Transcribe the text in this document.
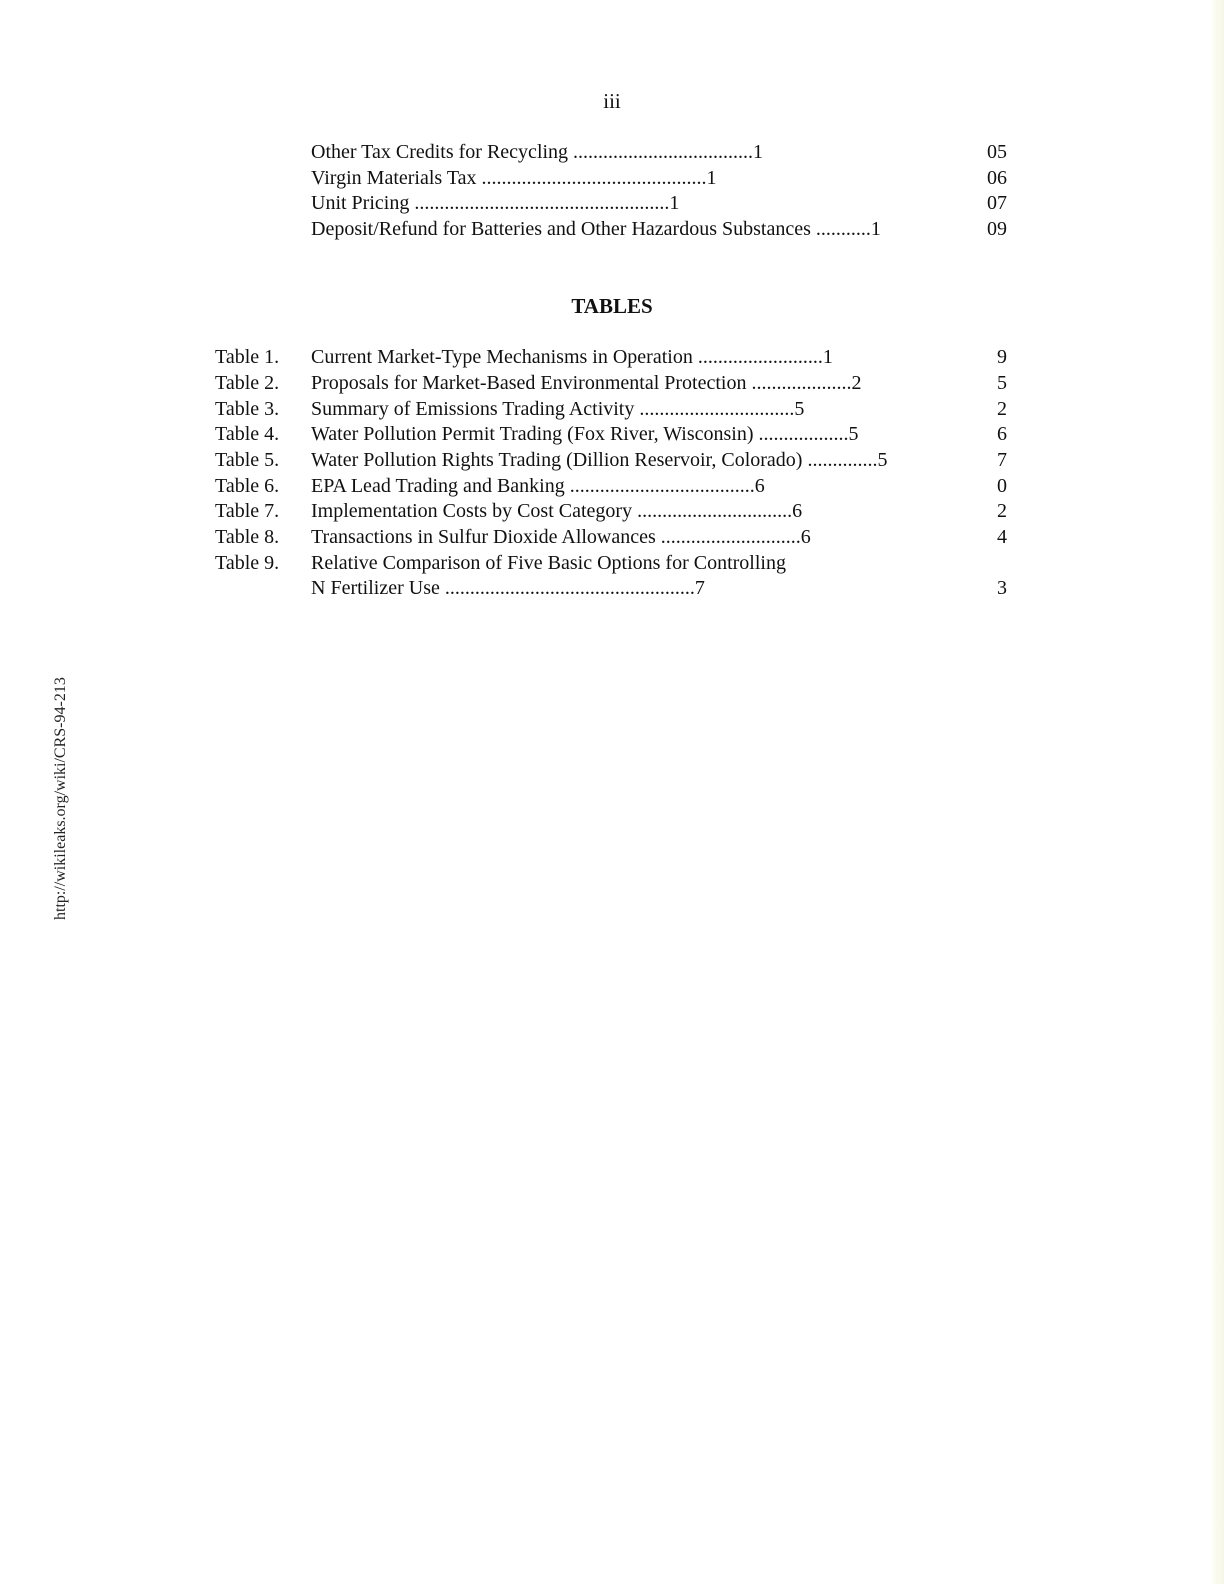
iii
Other Tax Credits for Recycling ....................................1	05
Virgin Materials Tax .............................................1	06
Unit Pricing ...................................................1	07
Deposit/Refund for Batteries and Other Hazardous Substances ...........1	09
TABLES
Table 1. Current Market-Type Mechanisms in Operation .........................1	9
Table 2. Proposals for Market-Based Environmental Protection ....................2	5
Table 3. Summary of Emissions Trading Activity ...............................5	2
Table 4. Water Pollution Permit Trading (Fox River, Wisconsin) ..................5	6
Table 5. Water Pollution Rights Trading (Dillion Reservoir, Colorado) ..............5	7
Table 6. EPA Lead Trading and Banking .....................................6	0
Table 7. Implementation Costs by Cost Category ...............................6	2
Table 8. Transactions in Sulfur Dioxide Allowances ............................6	4
Table 9. Relative Comparison of Five Basic Options for Controlling
N Fertilizer Use ..................................................7	3
http://wikileaks.org/wiki/CRS-94-213
